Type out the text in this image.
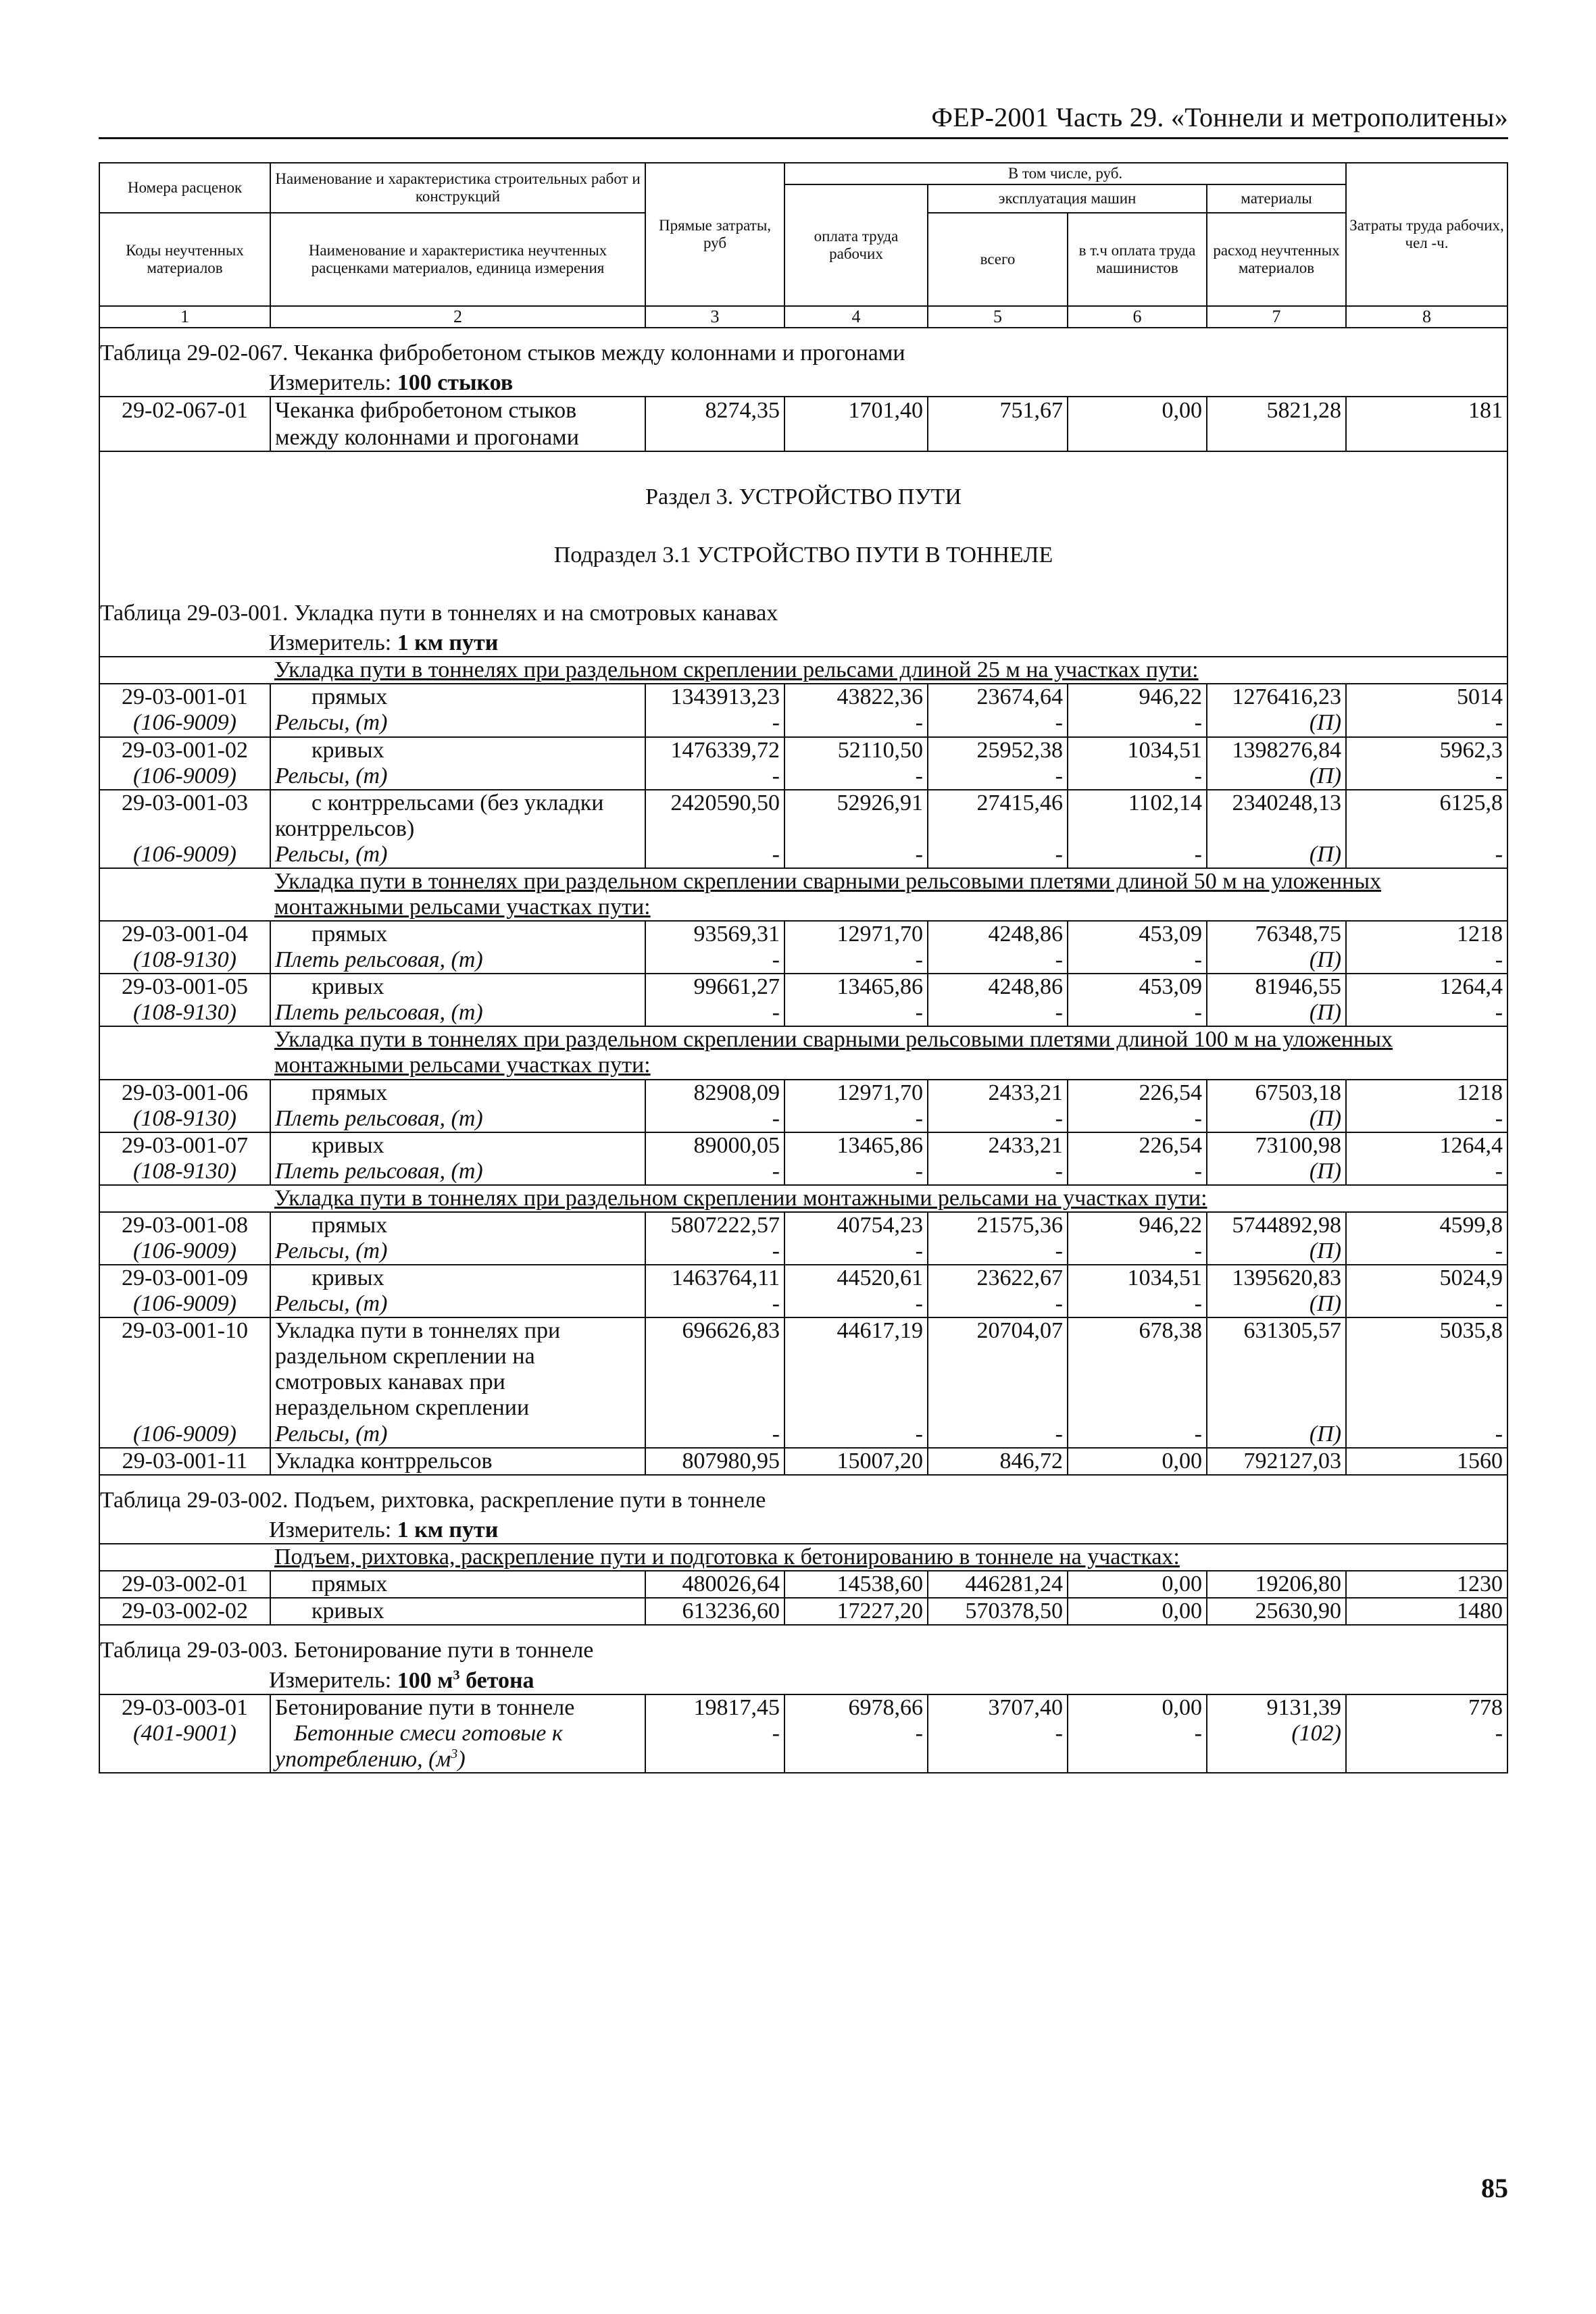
ФЕР-2001 Часть 29. «Тоннели и метрополитены»
Номера расценок	Наименование и характеристика строительных работ и конструкций	Прямые затраты, руб	В том числе, руб.				Затраты труда рабочих, чел -ч.
			оплата труда рабочих	эксплуатация машин		материалы	
Коды неучтенных материалов	Наименование и характеристика неучтенных расценками материалов, единица измерения			всего	в т.ч оплата труда машинистов	расход неучтенных материалов	
1	2	3	4	5	6	7	8
Таблица 29-02-067. Чеканка фибробетоном стыков между колоннами и прогонами							
Измеритель: 100 стыков							
29-02-067-01	Чеканка фибробетоном стыков	8274,35	1701,40	751,67	0,00	5821,28	181
	между колоннами и прогонами						
Раздел 3. УСТРОЙСТВО ПУТИ							
Подраздел 3.1 УСТРОЙСТВО ПУТИ В ТОННЕЛЕ							
Таблица 29-03-001. Укладка пути в тоннелях и на смотровых канавах							
Измеритель: 1 км пути							
Укладка пути в тоннелях при раздельном скреплении рельсами длиной 25 м на участках пути:							
29-03-001-01	прямых	1343913,23	43822,36	23674,64	946,22	1276416,23	5014
(106-9009)	Рельсы, (т)	-	-	-	-	(П)	-
29-03-001-02	кривых	1476339,72	52110,50	25952,38	1034,51	1398276,84	5962,3
(106-9009)	Рельсы, (т)	-	-	-	-	(П)	-
29-03-001-03	с контррельсами (без укладки
контррельсов)	2420590,50	52926,91	27415,46	1102,14	2340248,13	6125,8
(106-9009)	Рельсы, (т)	-	-	-	-	(П)	-
Укладка пути в тоннелях при раздельном скреплении сварными рельсовыми плетями длиной 50 м на уложенных монтажными рельсами участках пути:							
29-03-001-04	прямых	93569,31	12971,70	4248,86	453,09	76348,75	1218
(108-9130)	Плеть рельсовая, (т)	-	-	-	-	(П)	-
29-03-001-05	кривых	99661,27	13465,86	4248,86	453,09	81946,55	1264,4
(108-9130)	Плеть рельсовая, (т)	-	-	-	-	(П)	-
Укладка пути в тоннелях при раздельном скреплении сварными рельсовыми плетями длиной 100 м на уложенных монтажными рельсами участках пути:							
29-03-001-06	прямых	82908,09	12971,70	2433,21	226,54	67503,18	1218
(108-9130)	Плеть рельсовая, (т)	-	-	-	-	(П)	-
29-03-001-07	кривых	89000,05	13465,86	2433,21	226,54	73100,98	1264,4
(108-9130)	Плеть рельсовая, (т)	-	-	-	-	(П)	-
Укладка пути в тоннелях при раздельном скреплении монтажными рельсами на участках пути:							
29-03-001-08	прямых	5807222,57	40754,23	21575,36	946,22	5744892,98	4599,8
(106-9009)	Рельсы, (т)	-	-	-	-	(П)	-
29-03-001-09	кривых	1463764,11	44520,61	23622,67	1034,51	1395620,83	5024,9
(106-9009)	Рельсы, (т)	-	-	-	-	(П)	-
29-03-001-10	Укладка пути в тоннелях при
раздельном скреплении на
смотровых канавах при
нераздельном скреплении	696626,83	44617,19	20704,07	678,38	631305,57	5035,8
(106-9009)	Рельсы, (т)	-	-	-	-	(П)	-
29-03-001-11	Укладка контррельсов	807980,95	15007,20	846,72	0,00	792127,03	1560
Таблица 29-03-002. Подъем, рихтовка, раскрепление пути в тоннеле							
Измеритель: 1 км пути							
Подъем, рихтовка, раскрепление пути и подготовка к бетонированию в тоннеле на участках:							
29-03-002-01	прямых	480026,64	14538,60	446281,24	0,00	19206,80	1230
29-03-002-02	кривых	613236,60	17227,20	570378,50	0,00	25630,90	1480
Таблица 29-03-003. Бетонирование пути в тоннеле							
Измеритель: 100 $м^3$ бетона							
29-03-003-01	Бетонирование пути в тоннеле	19817,45	6978,66	3707,40	0,00	9131,39	778
(401-9001)	Бетонные смеси готовые к
употреблению, $(м^3)$	-	-	-	-	(102)	-
85
